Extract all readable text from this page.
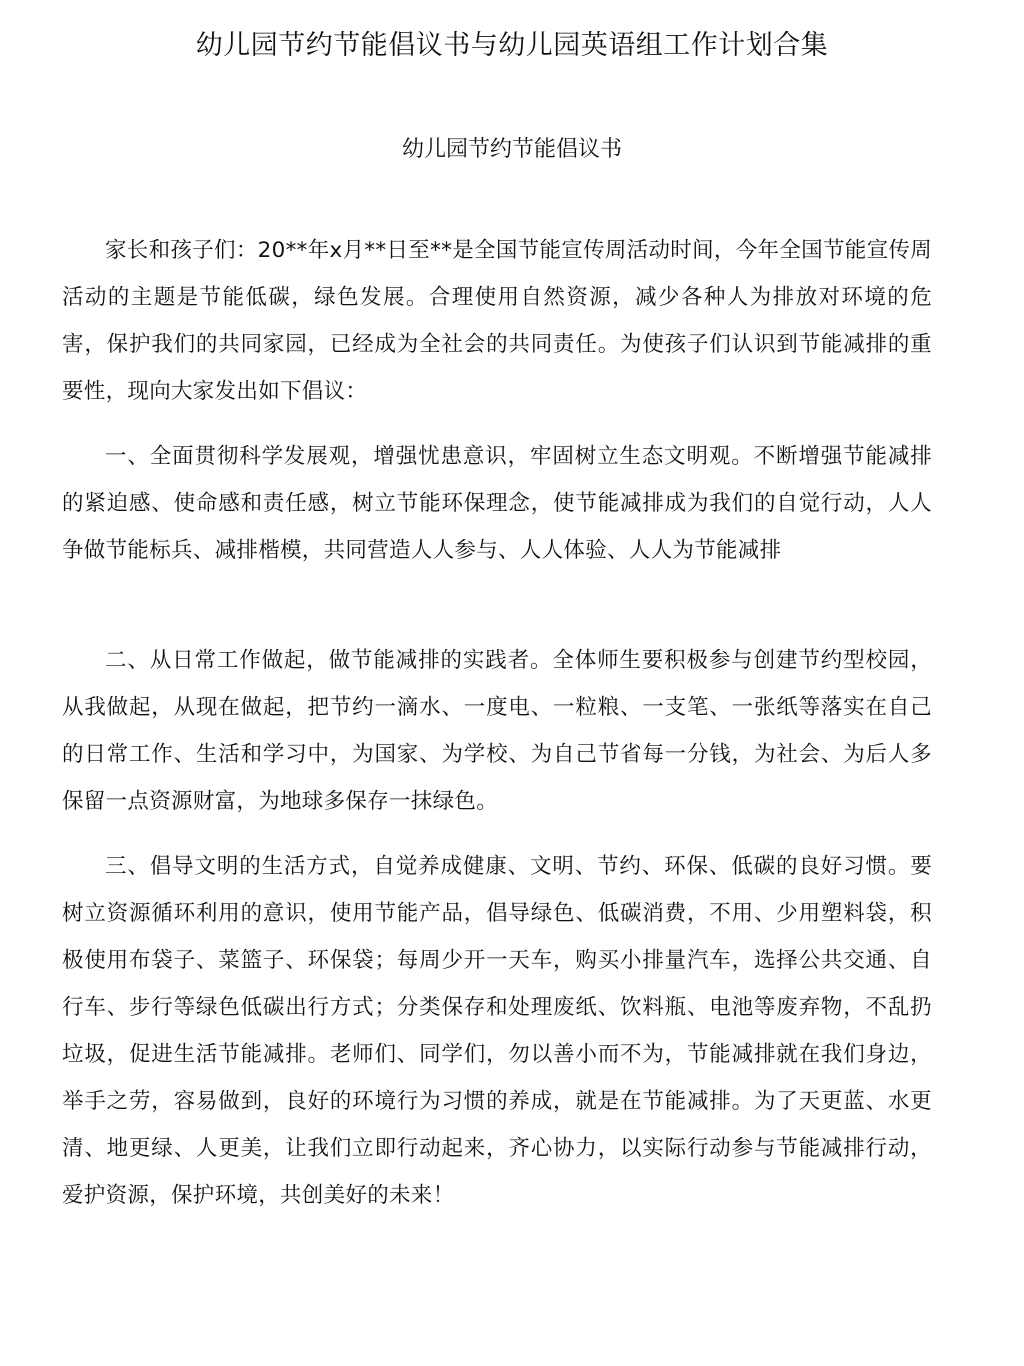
幼儿园节约节能倡议书与幼儿园英语组工作计划合集
幼儿园节约节能倡议书

家长和孩子们：20**年x月**日至**是全国节能宣传周活动时间，今年全国节能宣传周活动的主题是节能低碳，绿色发展。合理使用自然资源，减少各种人为排放对环境的危害，保护我们的共同家园，已经成为全社会的共同责任。为使孩子们认识到节能减排的重要性，现向大家发出如下倡议：

一、全面贯彻科学发展观，增强忧患意识，牢固树立生态文明观。不断增强节能减排的紧迫感、使命感和责任感，树立节能环保理念，使节能减排成为我们的自觉行动，人人争做节能标兵、减排楷模，共同营造人人参与、人人体验、人人为节能减排

二、从日常工作做起，做节能减排的实践者。全体师生要积极参与创建节约型校园，从我做起，从现在做起，把节约一滴水、一度电、一粒粮、一支笔、一张纸等落实在自己的日常工作、生活和学习中，为国家、为学校、为自己节省每一分钱，为社会、为后人多保留一点资源财富，为地球多保存一抹绿色。

三、倡导文明的生活方式，自觉养成健康、文明、节约、环保、低碳的良好习惯。要树立资源循环利用的意识，使用节能产品，倡导绿色、低碳消费，不用、少用塑料袋，积极使用布袋子、菜篮子、环保袋；每周少开一天车，购买小排量汽车，选择公共交通、自行车、步行等绿色低碳出行方式；分类保存和处理废纸、饮料瓶、电池等废弃物，不乱扔垃圾，促进生活节能减排。老师们、同学们，勿以善小而不为，节能减排就在我们身边，举手之劳，容易做到，良好的环境行为习惯的养成，就是在节能减排。为了天更蓝、水更清、地更绿、人更美，让我们立即行动起来，齐心协力，以实际行动参与节能减排行动，爱护资源，保护环境，共创美好的未来！
